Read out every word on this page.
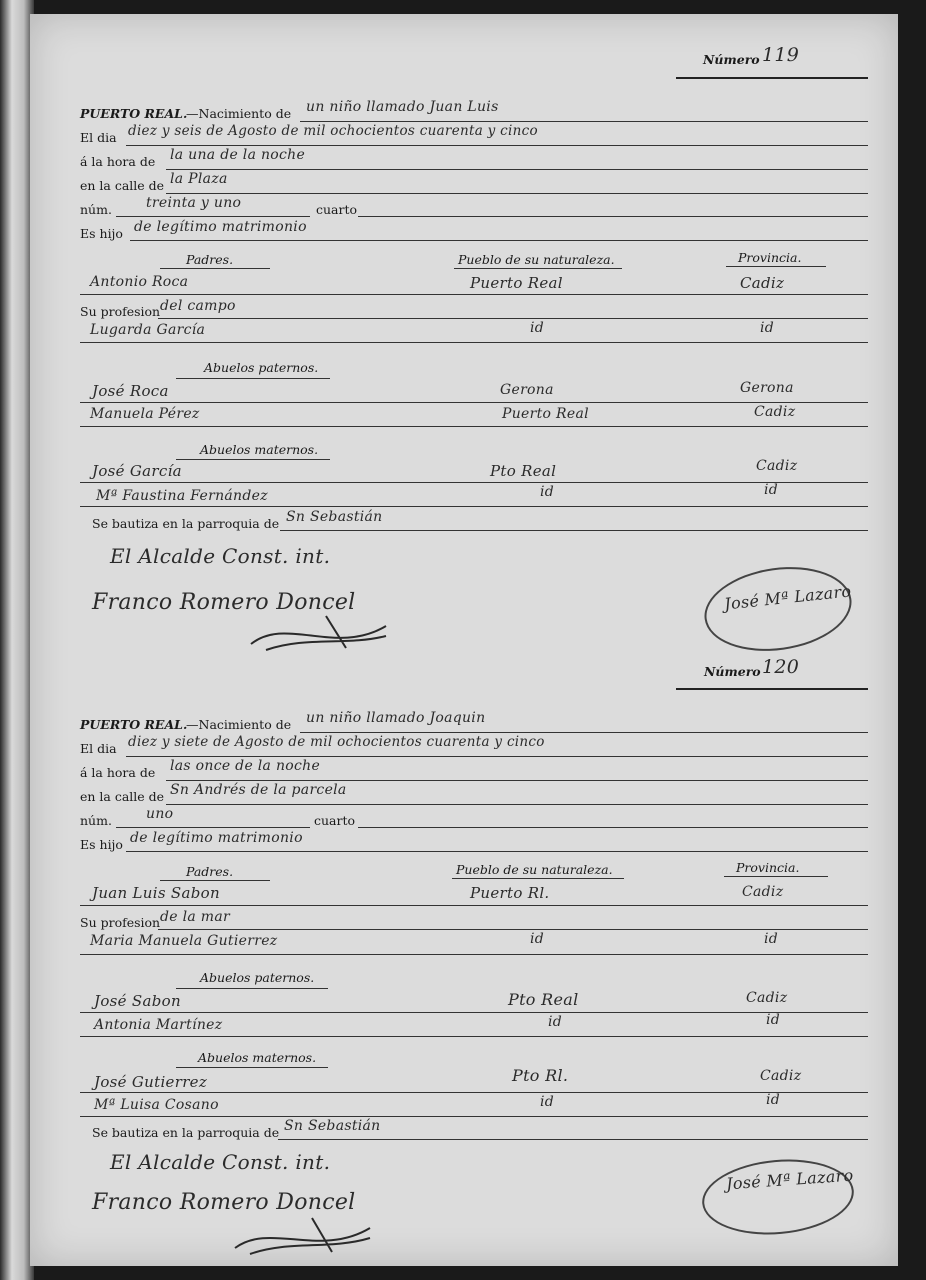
Número 119
PUERTO REAL.
—Nacimiento de un niño llamado Juan Luis
El dia diez y seis de Agosto de mil ochocientos cuarenta y cinco
á la hora de la una de la noche
en la calle de la Plaza
núm. treinta y uno	cuarto
Es hijo de legítimo matrimonio
Padres.	Pueblo de su naturaleza.	Provincia.
Antonio Roca	Puerto Real	Cadiz
Su profesion del campo
Lugarda García	id	id
Abuelos paternos.
José Roca	Gerona	Gerona
Manuela Pérez	Puerto Real	Cadiz
Abuelos maternos.
José García	Pto Real	Cadiz
Mª Faustina Fernández	id	id
Se bautiza en la parroquia de Sn Sebastián
El Alcalde Const. int.
Franco Romero Doncel	José Mª Lazaro
Número 120
PUERTO REAL.
—Nacimiento de un niño llamado Joaquin
El dia diez y siete de Agosto de mil ochocientos cuarenta y cinco
á la hora de las once de la noche
en la calle de Sn Andrés de la parcela
núm. uno	cuarto
Es hijo de legítimo matrimonio
Padres.	Pueblo de su naturaleza.	Provincia.
Juan Luis Sabon	Puerto Rl.	Cadiz
Su profesion de la mar
Maria Manuela Gutierrez	id	id
Abuelos paternos.
José Sabon	Pto Real	Cadiz
Antonia Martínez	id	id
Abuelos maternos.
José Gutierrez	Pto Rl.	Cadiz
Mª Luisa Cosano	id	id
Se bautiza en la parroquia de Sn Sebastián
El Alcalde Const. int.
Franco Romero Doncel
José Mª Lazaro
